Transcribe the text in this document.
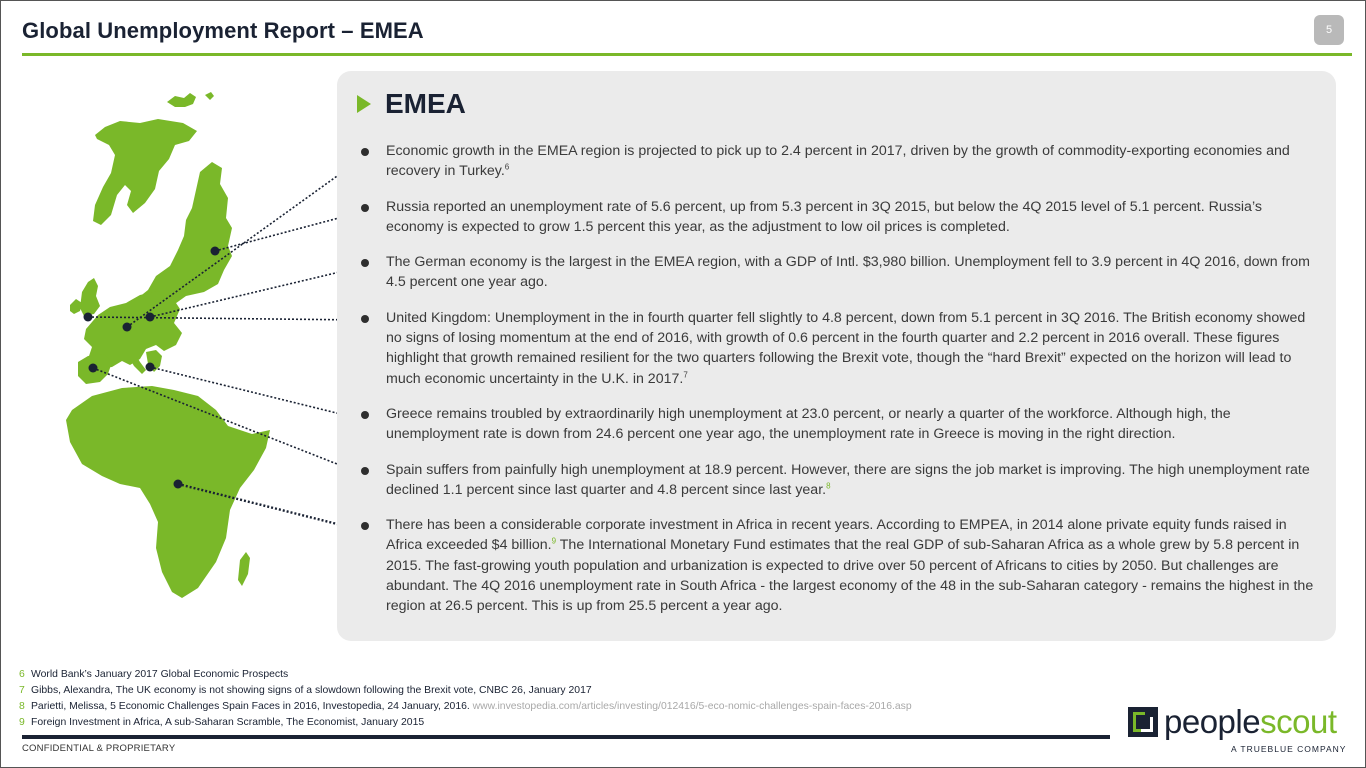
Global Unemployment Report – EMEA	5
EMEA
Economic growth in the EMEA region is projected to pick up to 2.4 percent in 2017, driven by the growth of commodity-exporting economies and recovery in Turkey.$^6$
Russia reported an unemployment rate of 5.6 percent, up from 5.3 percent in 3Q 2015, but below the 4Q 2015 level of 5.1 percent. Russia’s economy is expected to grow 1.5 percent this year, as the adjustment to low oil prices is completed.
The German economy is the largest in the EMEA region, with a GDP of Intl. $3,980 billion. Unemployment fell to 3.9 percent in 4Q 2016, down from 4.5 percent one year ago.
United Kingdom: Unemployment in the in fourth quarter fell slightly to 4.8 percent, down from 5.1 percent in 3Q 2016. The British economy showed no signs of losing momentum at the end of 2016, with growth of 0.6 percent in the fourth quarter and 2.2 percent in 2016 overall. These figures highlight that growth remained resilient for the two quarters following the Brexit vote, though the “hard Brexit” expected on the horizon will lead to much economic uncertainty in the U.K. in 2017.$^7$
Greece remains troubled by extraordinarily high unemployment at 23.0 percent, or nearly a quarter of the workforce. Although high, the unemployment rate is down from 24.6 percent one year ago, the unemployment rate in Greece is moving in the right direction.
Spain suffers from painfully high unemployment at 18.9 percent. However, there are signs the job market is improving. The high unemployment rate declined 1.1 percent since last quarter and 4.8 percent since last year.$^8$
There has been a considerable corporate investment in Africa in recent years. According to EMPEA, in 2014 alone private equity funds raised in Africa exceeded $4 billion.$^9$ The International Monetary Fund estimates that the real GDP of sub-Saharan Africa as a whole grew by 5.8 percent in 2015. The fast-growing youth population and urbanization is expected to drive over 50 percent of Africans to cities by 2050. But challenges are abundant. The 4Q 2016 unemployment rate in South Africa - the largest economy of the 48 in the sub-Saharan category - remains the highest in the region at 26.5 percent. This is up from 25.5 percent a year ago.
6 World Bank’s January 2017 Global Economic Prospects
7 Gibbs, Alexandra, The UK economy is not showing signs of a slowdown following the Brexit vote, CNBC 26, January 2017
8 Parietti, Melissa, 5 Economic Challenges Spain Faces in 2016, Investopedia, 24 January, 2016. www.investopedia.com/articles/investing/012416/5-eco-nomic-challenges-spain-faces-2016.asp
9 Foreign Investment in Africa, A sub-Saharan Scramble, The Economist, January 2015
CONFIDENTIAL & PROPRIETARY
peoplescout
A TRUEBLUE COMPANY
